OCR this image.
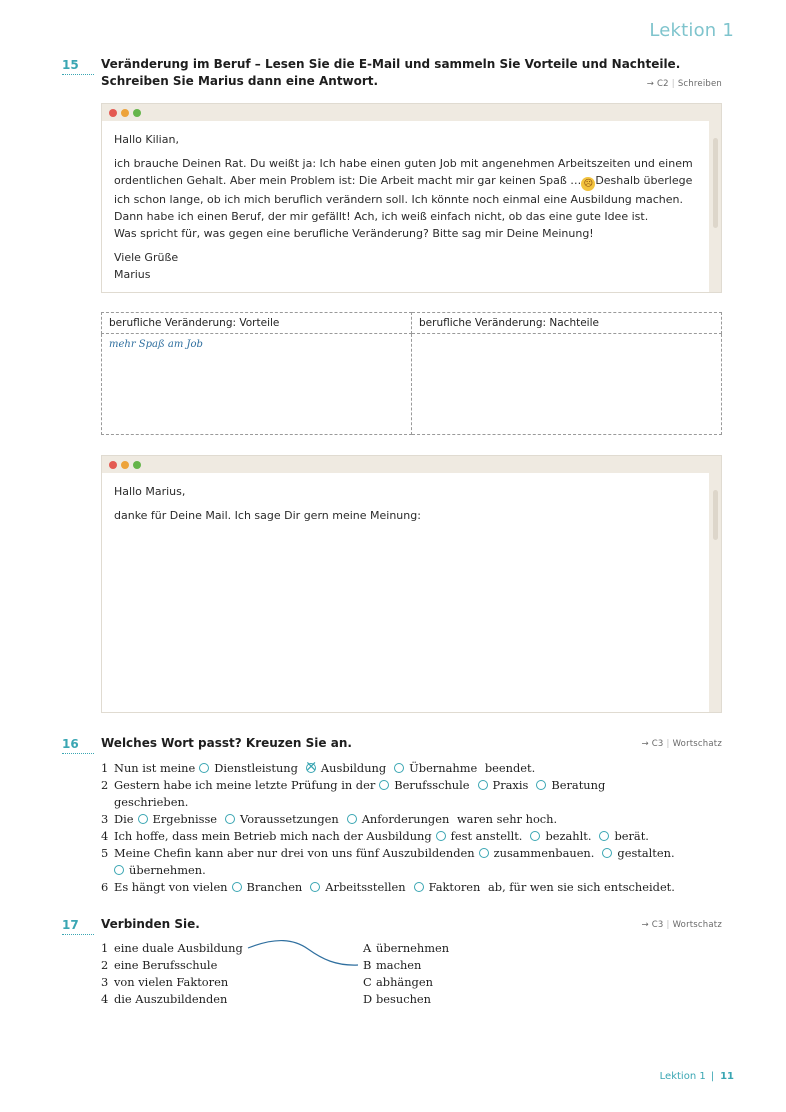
Lektion 1
15	Veränderung im Beruf – Lesen Sie die E-Mail und sammeln Sie Vorteile und Nachteile.
Schreiben Sie Marius dann eine Antwort.	→ C2 | Schreiben

Hallo Kilian,

ich brauche Deinen Rat. Du weißt ja: Ich habe einen guten Job mit angenehmen Arbeitszeiten und einem ordentlichen Gehalt. Aber mein Problem ist: Die Arbeit macht mir gar keinen Spaß … ☹ Deshalb überlege ich schon lange, ob ich mich beruflich verändern soll. Ich könnte noch einmal eine Ausbildung machen. Dann habe ich einen Beruf, der mir gefällt! Ach, ich weiß einfach nicht, ob das eine gute Idee ist.

Was spricht für, was gegen eine berufliche Veränderung? Bitte sag mir Deine Meinung!

Viele Grüße
Marius
berufliche Veränderung: Vorteile	berufliche Veränderung: Nachteile
mehr Spaß am Job	

Hallo Marius,

danke für Deine Mail. Ich sage Dir gern meine Meinung:

16	Welches Wort passt? Kreuzen Sie an.	→ C3 | Wortschatz
1 Nun ist meine Dienstleistung × Ausbildung Übernahme beendet.
2 Gestern habe ich meine letzte Prüfung in der Berufsschule Praxis Beratung
geschrieben.
3 Die Ergebnisse Voraussetzungen Anforderungen waren sehr hoch.
4 Ich hoffe, dass mein Betrieb mich nach der Ausbildung fest anstellt. bezahlt. berät.
5 Meine Chefin kann aber nur drei von uns fünf Auszubildenden zusammenbauen. gestalten.
übernehmen.
6 Es hängt von vielen Branchen Arbeitsstellen Faktoren ab, für wen sie sich entscheidet.
17	Verbinden Sie.	→ C3 | Wortschatz
1 eine duale Ausbildung
2 eine Berufsschule
3 von vielen Faktoren
4 die Auszubildenden
A übernehmen
B machen
C abhängen
D besuchen
Lektion 1 | 11
